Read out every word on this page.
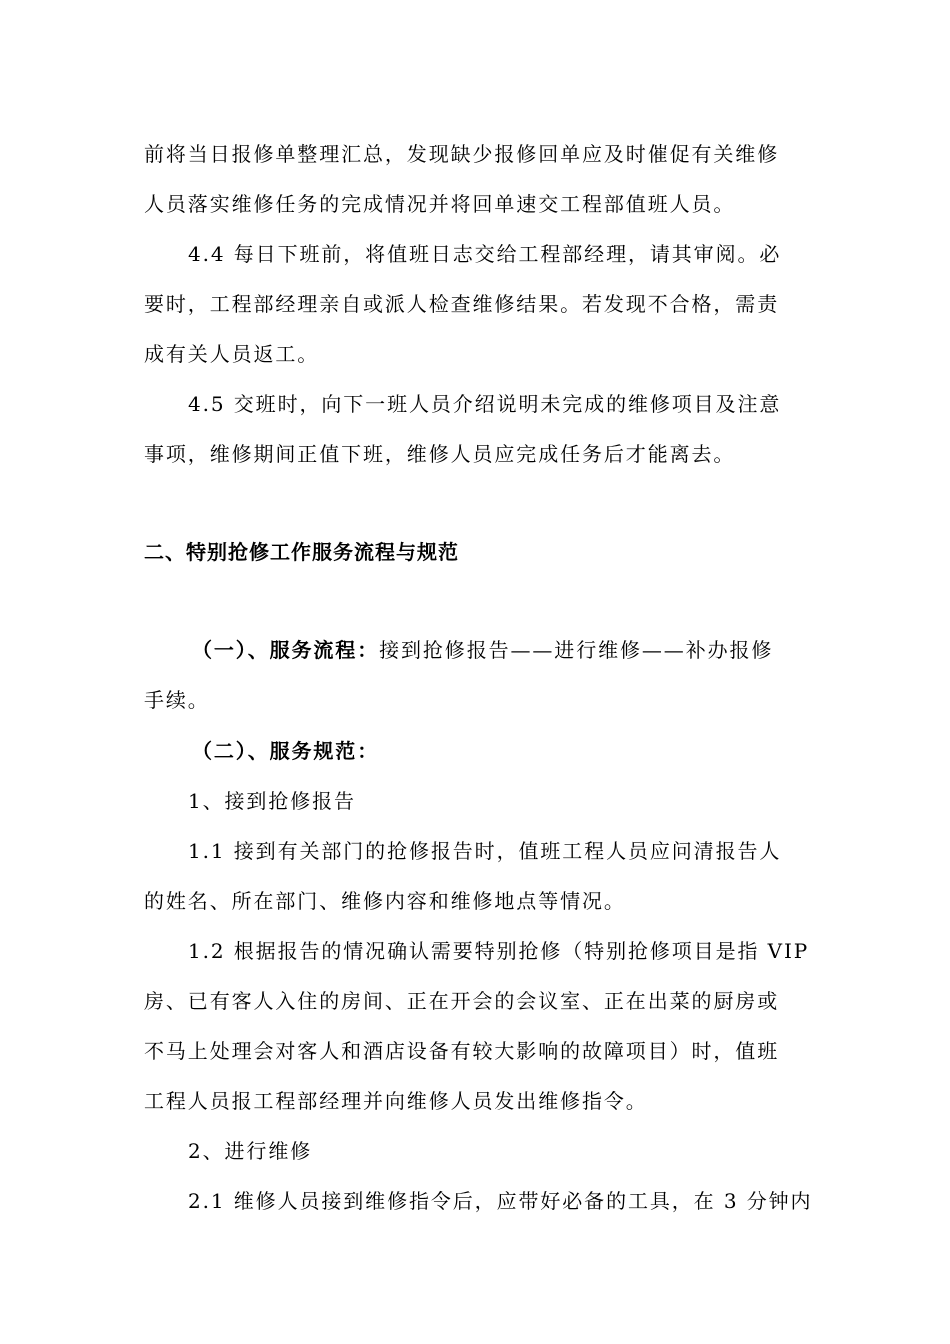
前将当日报修单整理汇总，发现缺少报修回单应及时催促有关维修
人员落实维修任务的完成情况并将回单速交工程部值班人员。
4.4 每日下班前，将值班日志交给工程部经理，请其审阅。必
要时，工程部经理亲自或派人检查维修结果。若发现不合格，需责
成有关人员返工。
4.5 交班时，向下一班人员介绍说明未完成的维修项目及注意
事项，维修期间正值下班，维修人员应完成任务后才能离去。
二、特别抢修工作服务流程与规范
（一）、服务流程：接到抢修报告——进行维修——补办报修
手续。
（二）、服务规范：
1、接到抢修报告
1.1 接到有关部门的抢修报告时，值班工程人员应问清报告人
的姓名、所在部门、维修内容和维修地点等情况。
1.2 根据报告的情况确认需要特别抢修（特别抢修项目是指 VIP
房、已有客人入住的房间、正在开会的会议室、正在出菜的厨房或
不马上处理会对客人和酒店设备有较大影响的故障项目）时，值班
工程人员报工程部经理并向维修人员发出维修指令。
2、进行维修
2.1 维修人员接到维修指令后，应带好必备的工具，在 3 分钟内
